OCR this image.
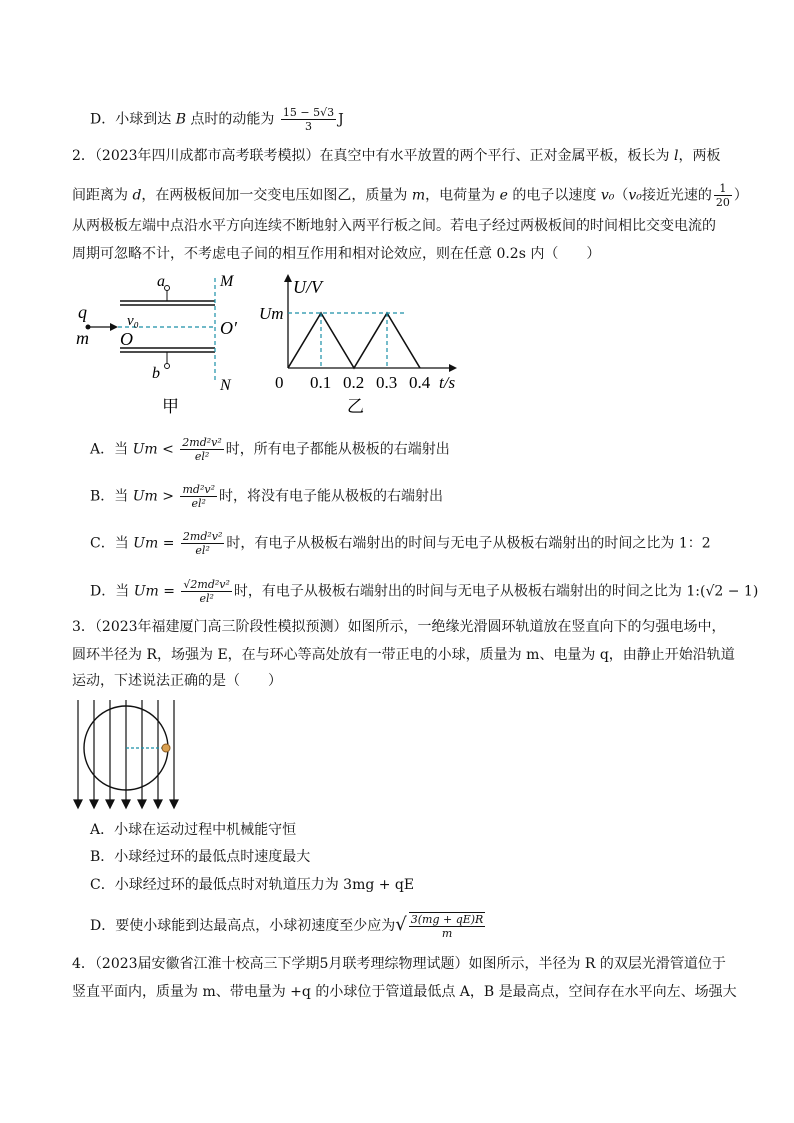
D．小球到达 B 点时的动能为 $\frac{15 - 5√3}{3}$ J
2．（2023年四川成都市高考联考模拟）在真空中有水平放置的两个平行、正对金属平板，板长为 l，两板
间距离为 d，在两极板间加一交变电压如图乙，质量为 m，电荷量为 e 的电子以速度 v₀（v₀接近光速的 $\frac{1}{20}$ ）
从两极板左端中点沿水平方向连续不断地射入两平行板之间。若电子经过两极板间的时间相比交变电流的
周期可忽略不计，不考虑电子间的相互作用和相对论效应，则在任意 0.2s 内（　　）
a
b
M
N
q
m O
O′
v₀
甲
U/V
Um
0 0.1 0.2 0.3 0.4 t/s
乙
A．当 $Um < \frac{\text{2md²v²}}{\text{el²}}$ 时，所有电子都能从极板的右端射出
B．当 $Um > \frac{\text{md²v²}}{\text{el²}}$ 时，将没有电子能从极板的右端射出
C．当 $Um = \frac{\text{2md²v²}}{\text{el²}}$ 时，有电子从极板右端射出的时间与无电子从极板右端射出的时间之比为 1：2
D．当 $Um = \frac{\text{√2md²v²}}{\text{el²}}$ 时，有电子从极板右端射出的时间与无电子从极板右端射出的时间之比为 1:(√2 − 1)
3．（2023年福建厦门高三阶段性模拟预测）如图所示，一绝缘光滑圆环轨道放在竖直向下的匀强电场中，
圆环半径为 R，场强为 E，在与环心等高处放有一带正电的小球，质量为 m、电量为 q，由静止开始沿轨道
运动，下述说法正确的是（　　）
A．小球在运动过程中机械能守恒
B．小球经过环的最低点时速度最大
C．小球经过环的最低点时对轨道压力为 3mg + qE
D．要使小球能到达最高点，小球初速度至少应为√ $\frac{3(mg + qE)R}{m}$
4．（2023届安徽省江淮十校高三下学期5月联考理综物理试题）如图所示，半径为 R 的双层光滑管道位于
竖直平面内，质量为 m、带电量为 +q 的小球位于管道最低点 A，B 是最高点，空间存在水平向左、场强大
